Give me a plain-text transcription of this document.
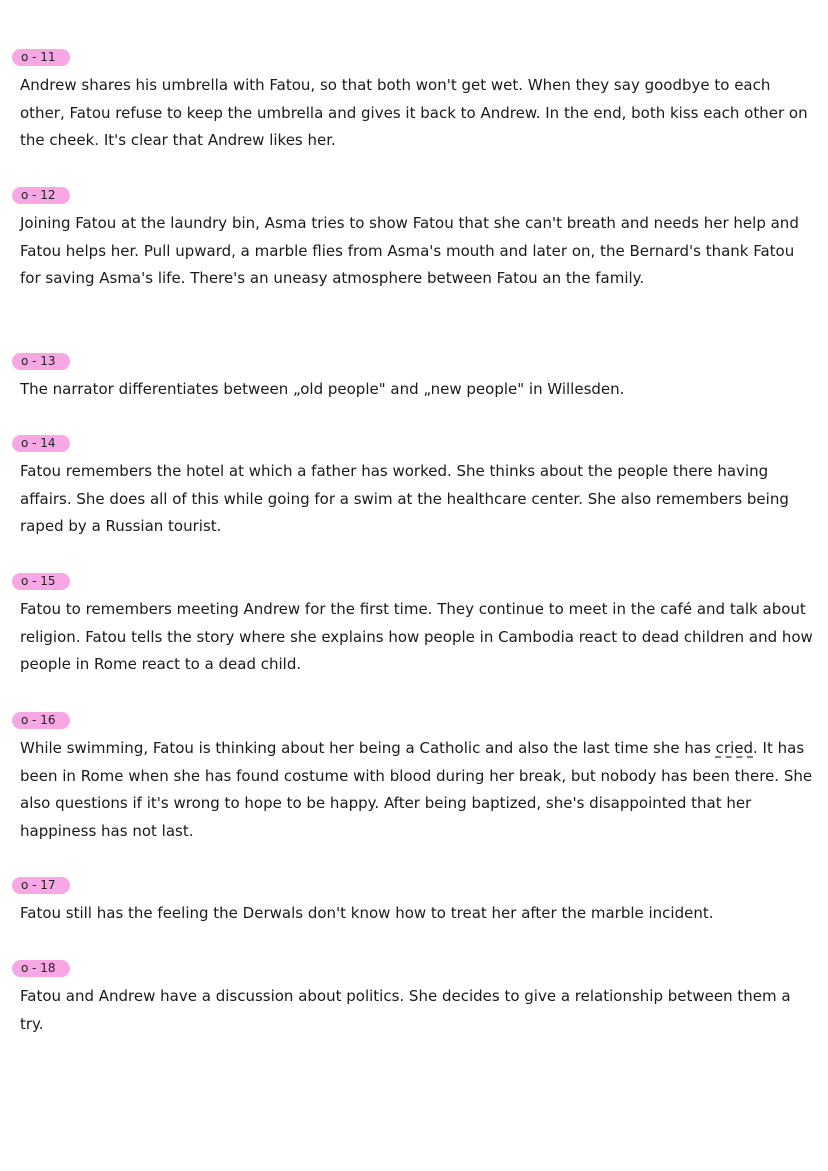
o - 11
Andrew shares his umbrella with Fatou, so that both won't get wet. When they say goodbye to each other, Fatou refuse to keep the umbrella and gives it back to Andrew. In the end, both kiss each other on the cheek. It's clear that Andrew likes her.
o - 12
Joining Fatou at the laundry bin, Asma tries to show Fatou that she can't breath and needs her help and Fatou helps her. Pull upward, a marble flies from Asma's mouth and later on, the Bernard's thank Fatou for saving Asma's life. There's an uneasy atmosphere between Fatou an the family.
o - 13
The narrator differentiates between „old people" and „new people" in Willesden.
o - 14
Fatou remembers the hotel at which a father has worked. She thinks about the people there having affairs. She does all of this while going for a swim at the healthcare center. She also remembers being raped by a Russian tourist.
o - 15
Fatou to remembers meeting Andrew for the first time. They continue to meet in the café and talk about religion. Fatou tells the story where she explains how people in Cambodia react to dead children and how people in Rome react to a dead child.
o - 16
While swimming, Fatou is thinking about her being a Catholic and also the last time she has cried. It has been in Rome when she has found costume with blood during her break, but nobody has been there. She also questions if it's wrong to hope to be happy. After being baptized, she's disappointed that her happiness has not last.
o - 17
Fatou still has the feeling the Derwals don't know how to treat her after the marble incident.
o - 18
Fatou and Andrew have a discussion about politics. She decides to give a relationship between them a try.
